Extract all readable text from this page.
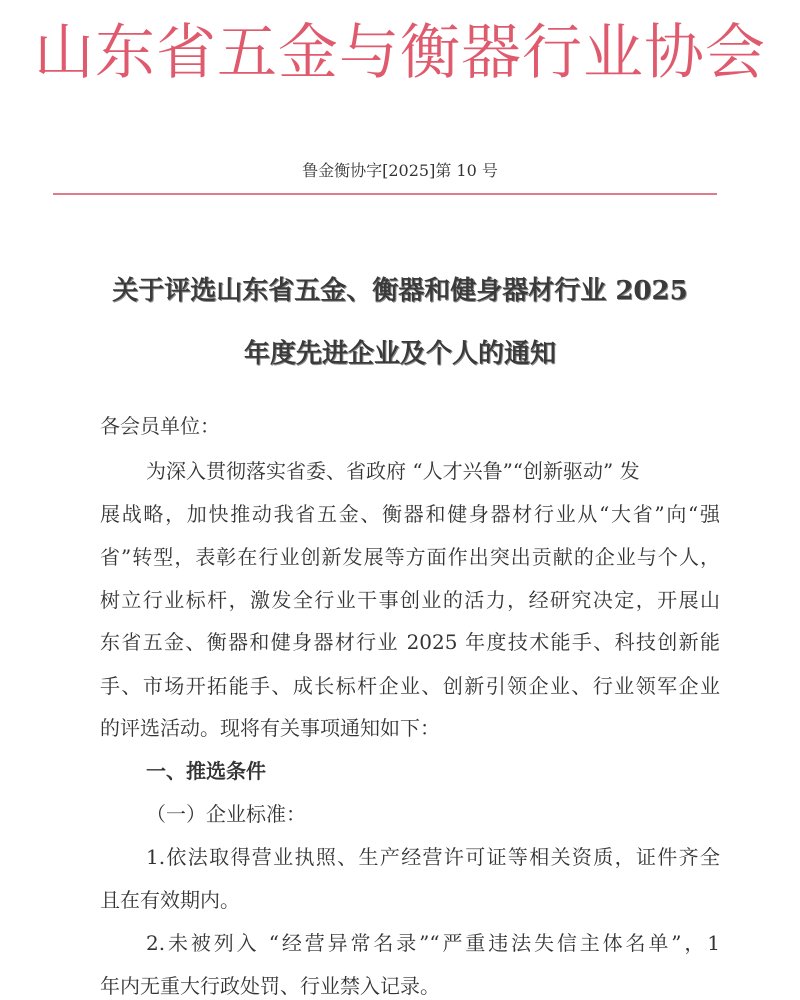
山东省五金与衡器行业协会
鲁金衡协字[2025]第 10 号
关于评选山东省五金、衡器和健身器材行业 2025
年度先进企业及个人的通知
各会员单位：
为深入贯彻落实省委、省政府 “人才兴鲁”“创新驱动” 发
展战略，加快推动我省五金、衡器和健身器材行业从“大省”向“强
省”转型，表彰在行业创新发展等方面作出突出贡献的企业与个人，
树立行业标杆，激发全行业干事创业的活力，经研究决定，开展山
东省五金、衡器和健身器材行业 2025 年度技术能手、科技创新能
手、市场开拓能手、成长标杆企业、创新引领企业、行业领军企业
的评选活动。现将有关事项通知如下：
一、推选条件
（一）企业标准：
1.依法取得营业执照、生产经营许可证等相关资质，证件齐全
且在有效期内。
2.未被列入 “经营异常名录”“严重违法失信主体名单”，1
年内无重大行政处罚、行业禁入记录。
